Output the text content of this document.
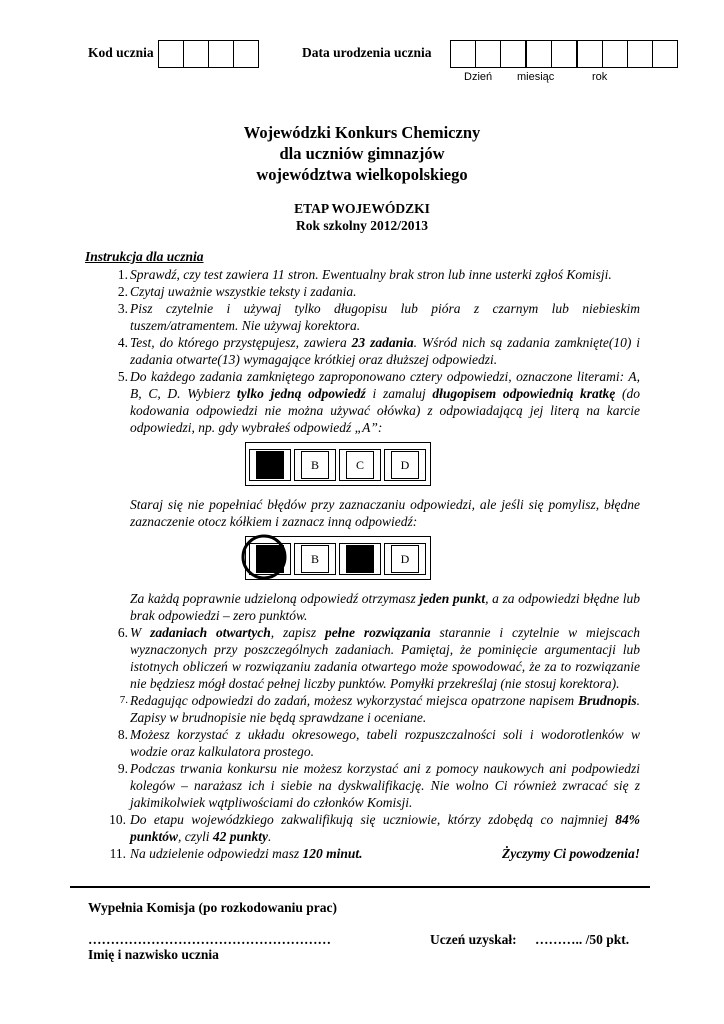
Kod ucznia	Data urodzenia ucznia
Dzień miesiąc	rok
Wojewódzki Konkurs Chemiczny
dla uczniów gimnazjów
województwa wielkopolskiego
ETAP WOJEWÓDZKI
Rok szkolny 2012/2013
Instrukcja dla ucznia
1. Sprawdź, czy test zawiera 11 stron. Ewentualny brak stron lub inne usterki zgłoś Komisji.
2. Czytaj uważnie wszystkie teksty i zadania.
3. Pisz czytelnie i używaj tylko długopisu lub pióra z czarnym lub niebieskim tuszem/atramentem. Nie używaj korektora.
4. Test, do którego przystępujesz, zawiera 23 zadania. Wśród nich są zadania zamknięte(10) i zadania otwarte(13) wymagające krótkiej oraz dłuższej odpowiedzi.
5. Do każdego zadania zamkniętego zaproponowano cztery odpowiedzi, oznaczone literami: A, B, C, D. Wybierz tylko jedną odpowiedź i zamaluj długopisem odpowiednią kratkę (do kodowania odpowiedzi nie można używać ołówka) z odpowiadającą jej literą na karcie odpowiedzi, np. gdy wybrałeś odpowiedź „A”:
B	C	D
Staraj się nie popełniać błędów przy zaznaczaniu odpowiedzi, ale jeśli się pomylisz, błędne zaznaczenie otocz kółkiem i zaznacz inną odpowiedź:
B	D
Za każdą poprawnie udzieloną odpowiedź otrzymasz jeden punkt, a za odpowiedzi błędne lub brak odpowiedzi – zero punktów.
6. W zadaniach otwartych, zapisz pełne rozwiązania starannie i czytelnie w miejscach wyznaczonych przy poszczególnych zadaniach. Pamiętaj, że pominięcie argumentacji lub istotnych obliczeń w rozwiązaniu zadania otwartego może spowodować, że za to rozwiązanie nie będziesz mógł dostać pełnej liczby punktów. Pomyłki przekreślaj (nie stosuj korektora).
7. Redagując odpowiedzi do zadań, możesz wykorzystać miejsca opatrzone napisem Brudnopis. Zapisy w brudnopisie nie będą sprawdzane i oceniane.
8. Możesz korzystać z układu okresowego, tabeli rozpuszczalności soli i wodorotlenków w wodzie oraz kalkulatora prostego.
9. Podczas trwania konkursu nie możesz korzystać ani z pomocy naukowych ani podpowiedzi kolegów – narażasz ich i siebie na dyskwalifikację. Nie wolno Ci również zwracać się z jakimikolwiek wątpliwościami do członków Komisji.
10. Do etapu wojewódzkiego zakwalifikują się uczniowie, którzy zdobędą co najmniej 84% punktów, czyli 42 punkty.
11. Na udzielenie odpowiedzi masz 120 minut.	Życzymy Ci powodzenia!
Wypełnia Komisja (po rozkodowaniu prac)
………………………………………………
Imię i nazwisko ucznia
Uczeń uzyskał: ……….. /50 pkt.
